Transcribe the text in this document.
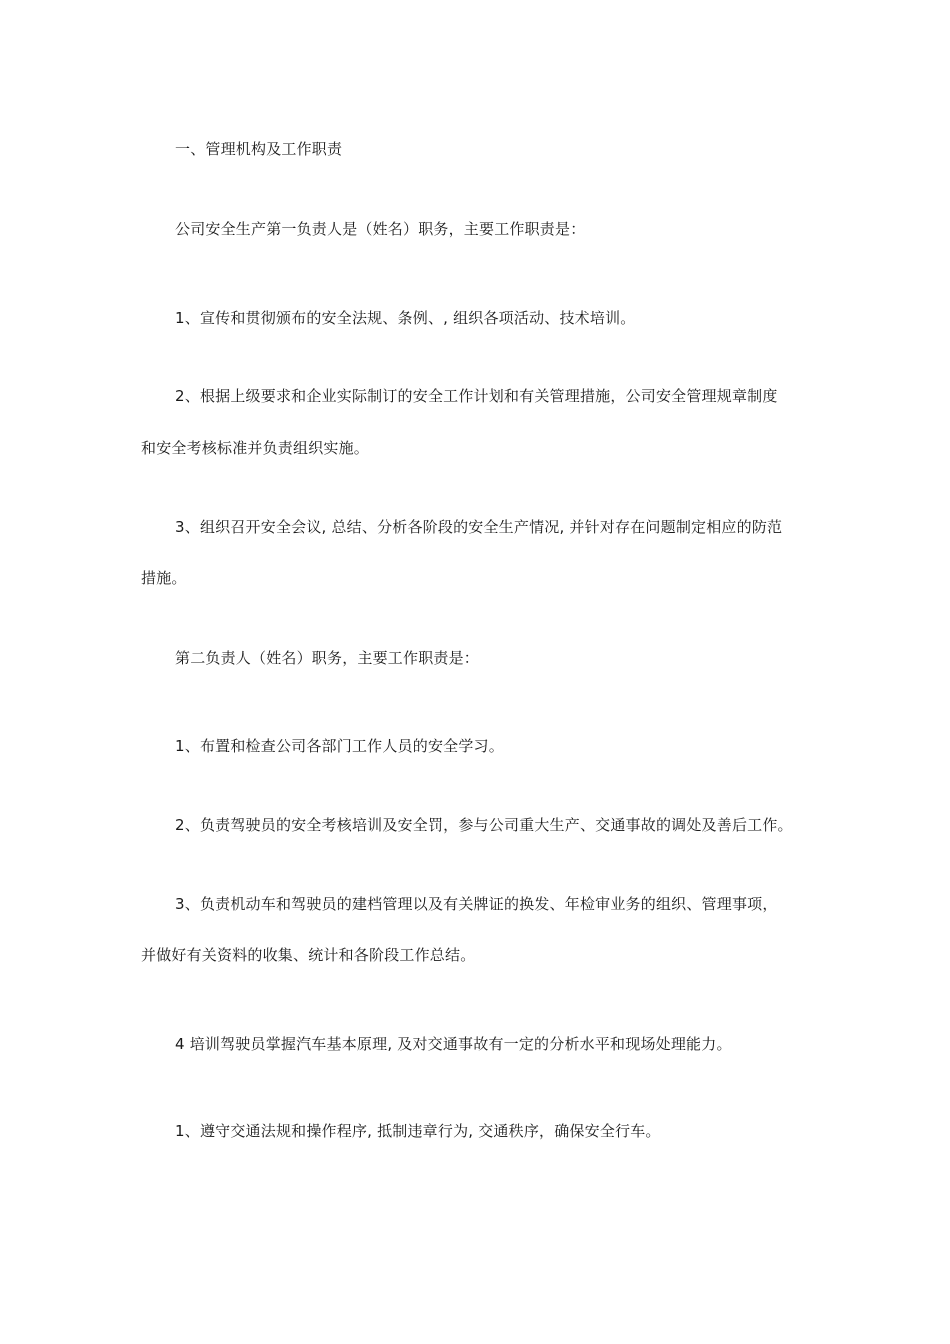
一、管理机构及工作职责
公司安全生产第一负责人是（姓名）职务，主要工作职责是：
1、宣传和贯彻颁布的安全法规、条例、, 组织各项活动、技术培训。
2、根据上级要求和企业实际制订的安全工作计划和有关管理措施，公司安全管理规章制度
和安全考核标准并负责组织实施。
3、组织召开安全会议, 总结、分析各阶段的安全生产情况, 并针对存在问题制定相应的防范
措施。
第二负责人（姓名）职务，主要工作职责是：
1、布置和检查公司各部门工作人员的安全学习。
2、负责驾驶员的安全考核培训及安全罚，参与公司重大生产、交通事故的调处及善后工作。
3、负责机动车和驾驶员的建档管理以及有关牌证的换发、年检审业务的组织、管理事项，
并做好有关资料的收集、统计和各阶段工作总结。
4 培训驾驶员掌握汽车基本原理, 及对交通事故有一定的分析水平和现场处理能力。
1、遵守交通法规和操作程序, 抵制违章行为, 交通秩序，确保安全行车。
